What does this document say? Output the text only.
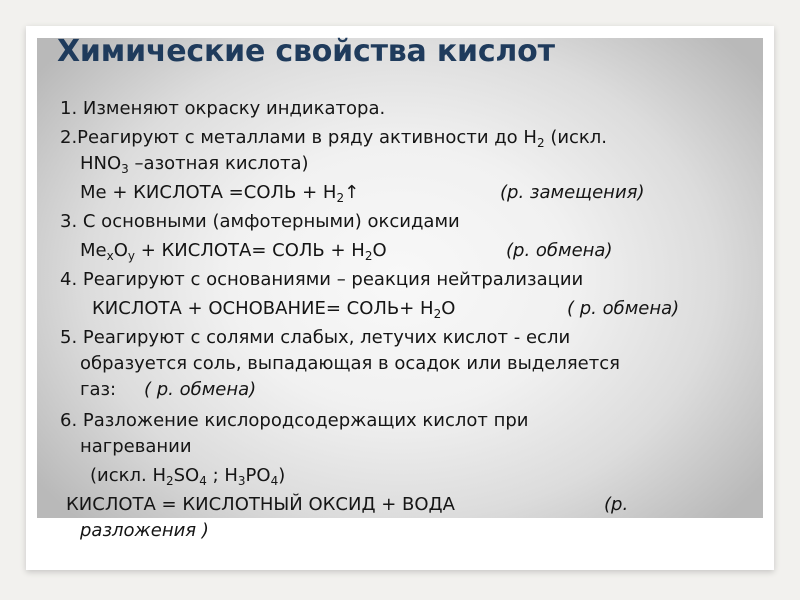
Химические свойства кислот
1. Изменяют окраску индикатора.
2.Реагируют с металлами в ряду активности до $Н_2$ (искл.
$HNO_3$ –азотная кислота)
Ме + КИСЛОТА =СОЛЬ + $Н_2↑$	(р. замещения)
3. С основными (амфотерными) оксидами
$Ме_хО_у$ + КИСЛОТА= СОЛЬ + $Н_2О$	(р. обмена)
4. Реагируют с основаниями – реакция нейтрализации
КИСЛОТА + ОСНОВАНИЕ= СОЛЬ+ $Н_2О$	( р. обмена)
5. Реагируют с солями слабых, летучих кислот - если
образуется соль, выпадающая в осадок или выделяется
газ: ( р. обмена)
6. Разложение кислородсодержащих кислот при
нагревании
(искл. $Н_2SO_4$ ; $Н_3РО_4$)
КИСЛОТА = КИСЛОТНЫЙ ОКСИД + ВОДА	(р.
разложения )
